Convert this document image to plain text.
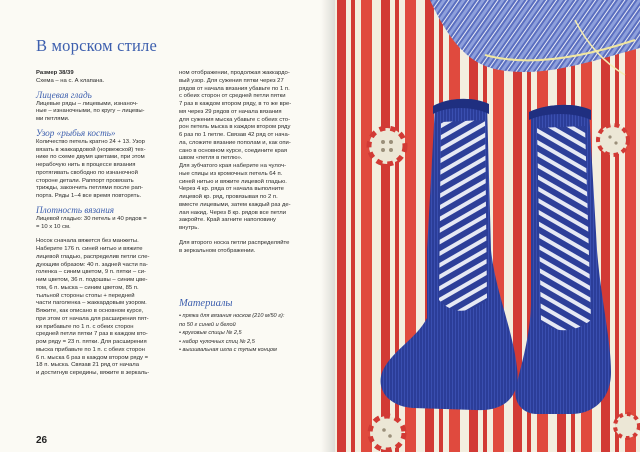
В морском стиле

Размер 38/39

Схема – на с. А клапана.

Лицевая гладь

Лицевые ряды – лицевыми, изнаноч-

ные – изнаночными, по кругу – лицевы-

ми петлями.

Узор «рыбья кость»

Количество петель кратно 24 + 13. Узор

вязать в жаккардовой (норвежской) тех-

нике по схеме двумя цветами, при этом

нерабочую нить в процессе вязания

протягивать свободно по изнаночной

стороне детали. Раппорт провязать

трижды, закончить петлями после рап-

порта. Ряды 1–4 все время повторять.

Плотность вязания

Лицевой гладью: 30 петель и 40 рядов =

= 10 x 10 см.

Носок сначала вяжется без манжеты.

Наберите 176 п. синей нитью и вяжите

лицевой гладью, распределив петли сле-

дующим образом: 40 п. задней части па-

голенка – синим цветом, 9 п. пятки – си-

ним цветом, 36 п. подошвы – синим цве-

том, 6 п. мыска – синим цветом, 85 п.

тыльной стороны стопы + передней

части паголенка – жаккардовым узором.

Вяжите, как описано в основном курсе,

при этом от начала для расширения пят-

ки прибавьте по 1 п. с обеих сторон

средней петли пятки 7 раз в каждом вто-

ром ряду = 23 п. пятки. Для расширения

мыска прибавьте по 1 п. с обеих сторон

6 п. мыска 6 раз в каждом втором ряду =

18 п. мыска. Связав 21 ряд от начала

и достигнув середины, вяжите в зеркаль-

ном отображении, продолжая жаккардо-

вый узор. Для сужения пятки через 27

рядов от начала вязания убавьте по 1 п.

с обеих сторон от средней петли пятки

7 раз в каждом втором ряду, в то же вре-

мя через 29 рядов от начала вязания

для сужения мыска убавьте с обеих сто-

рон петель мыска в каждом втором ряду

6 раз по 1 петле. Связав 42 ряд от нача-

ла, сложите вязание пополам и, как опи-

сано в основном курсе, соедините края

швом «петля в петлю».

Для зубчатого края наберите на чулоч-

ные спицы из кромочных петель 64 п.

синей нитью и вяжите лицевой гладью.

Через 4 кр. ряда от начала выполните

лицевой кр. ряд, провязывая по 2 п.

вместе лицевыми, затем каждый раз де-

лая накид. Через 8 кр. рядов все петли

закройте. Край загните наполовину

внутрь.

Для второго носка петли распределяйте

в зеркальном отображении.

Материалы

• пряжа для вязания носков (210 м/50 г):

по 50 г синей и белой

• круговые спицы № 2,5

• набор чулочных спиц № 2,5

• вышивальная игла с тупым концом

26
